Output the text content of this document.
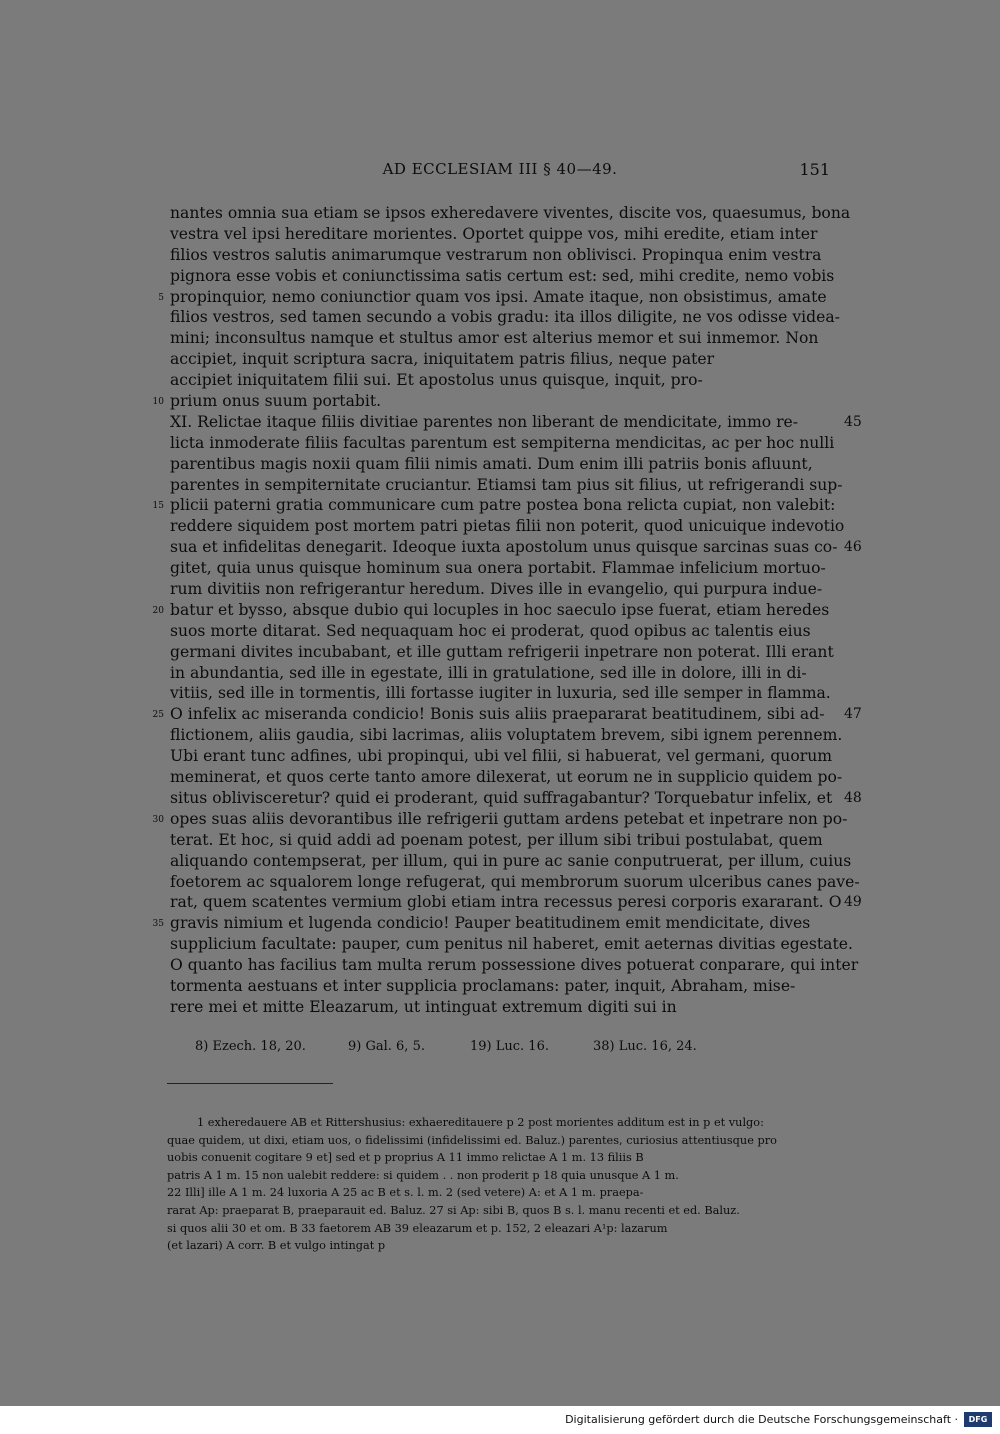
AD ECCLESIAM III § 40—49.	151
nantes omnia sua etiam se ipsos exheredavere viventes, discite vos, quaesumus, bona
vestra vel ipsi hereditare morientes. Oportet quippe vos, mihi eredite, etiam inter
filios vestros salutis animarumque vestrarum non oblivisci. Propinqua enim vestra
pignora esse vobis et coniunctissima satis certum est: sed, mihi credite, nemo vobis
propinquior, nemo coniunctior quam vos ipsi. Amate itaque, non obsistimus, amate
5
filios vestros, sed tamen secundo a vobis gradu: ita illos diligite, ne vos odisse videa-
mini; inconsultus namque et stultus amor est alterius memor et sui inmemor. Non
accipiet, inquit scriptura sacra, iniquitatem patris filius, neque pater
accipiet iniquitatem filii sui. Et apostolus unus quisque, inquit, pro-
prium onus suum portabit.
10
XI. Relictae itaque filiis divitiae parentes non liberant de mendicitate, immo re-	45
licta inmoderate filiis facultas parentum est sempiterna mendicitas, ac per hoc nulli
parentibus magis noxii quam filii nimis amati. Dum enim illi patriis bonis afluunt,
parentes in sempiternitate cruciantur. Etiamsi tam pius sit filius, ut refrigerandi sup-
plicii paterni gratia communicare cum patre postea bona relicta cupiat, non valebit:
15
reddere siquidem post mortem patri pietas filii non poterit, quod unicuique indevotio
sua et infidelitas denegarit. Ideoque iuxta apostolum unus quisque sarcinas suas co- 46
gitet, quia unus quisque hominum sua onera portabit. Flammae infelicium mortuo-
rum divitiis non refrigerantur heredum. Dives ille in evangelio, qui purpura indue-
batur et bysso, absque dubio qui locuples in hoc saeculo ipse fuerat, etiam heredes
20
suos morte ditarat. Sed nequaquam hoc ei proderat, quod opibus ac talentis eius
germani divites incubabant, et ille guttam refrigerii inpetrare non poterat. Illi erant
in abundantia, sed ille in egestate, illi in gratulatione, sed ille in dolore, illi in di-
vitiis, sed ille in tormentis, illi fortasse iugiter in luxuria, sed ille semper in flamma.
O infelix ac miseranda condicio! Bonis suis aliis praepararat beatitudinem, sibi ad-
25	47
flictionem, aliis gaudia, sibi lacrimas, aliis voluptatem brevem, sibi ignem perennem.
Ubi erant tunc adfines, ubi propinqui, ubi vel filii, si habuerat, vel germani, quorum
meminerat, et quos certe tanto amore dilexerat, ut eorum ne in supplicio quidem po-
situs oblivisceretur? quid ei proderant, quid suffragabantur? Torquebatur infelix, et 48
opes suas aliis devorantibus ille refrigerii guttam ardens petebat et inpetrare non po-
30
terat. Et hoc, si quid addi ad poenam potest, per illum sibi tribui postulabat, quem
aliquando contempserat, per illum, qui in pure ac sanie conputruerat, per illum, cuius
foetorem ac squalorem longe refugerat, qui membrorum suorum ulceribus canes pave-
rat, quem scatentes vermium globi etiam intra recessus peresi corporis exararant. O 49
gravis nimium et lugenda condicio! Pauper beatitudinem emit mendicitate, dives
35
supplicium facultate: pauper, cum penitus nil haberet, emit aeternas divitias egestate.
O quanto has facilius tam multa rerum possessione dives potuerat conparare, qui inter
tormenta aestuans et inter supplicia proclamans: pater, inquit, Abraham, mise-
rere mei et mitte Eleazarum, ut intinguat extremum digiti sui in
8) Ezech. 18, 20.	9) Gal. 6, 5.	19) Luc. 16.	38) Luc. 16, 24.
1 exheredauere AB et Rittershusius: exhaereditauere p 2 post morientes additum est in p et vulgo:
quae quidem, ut dixi, etiam uos, o fidelissimi (infidelissimi ed. Baluz.) parentes, curiosius attentiusque pro
uobis conuenit cogitare 9 et] sed et p proprius A 11 immo relictae A 1 m. 13 filiis B
patris A 1 m. 15 non ualebit reddere: si quidem . . non proderit p 18 quia unusque A 1 m.
22 Illi] ille A 1 m. 24 luxoria A 25 ac B et s. l. m. 2 (sed vetere) A: et A 1 m. praepa-
rarat Ap: praeparat B, praeparauit ed. Baluz. 27 si Ap: sibi B, quos B s. l. manu recenti et ed. Baluz.
si quos alii 30 et om. B 33 faetorem AB 39 eleazarum et p. 152, 2 eleazari A¹p: lazarum
(et lazari) A corr. B et vulgo intingat p
Digitalisierung gefördert durch die Deutsche Forschungsgemeinschaft ·	DFG
